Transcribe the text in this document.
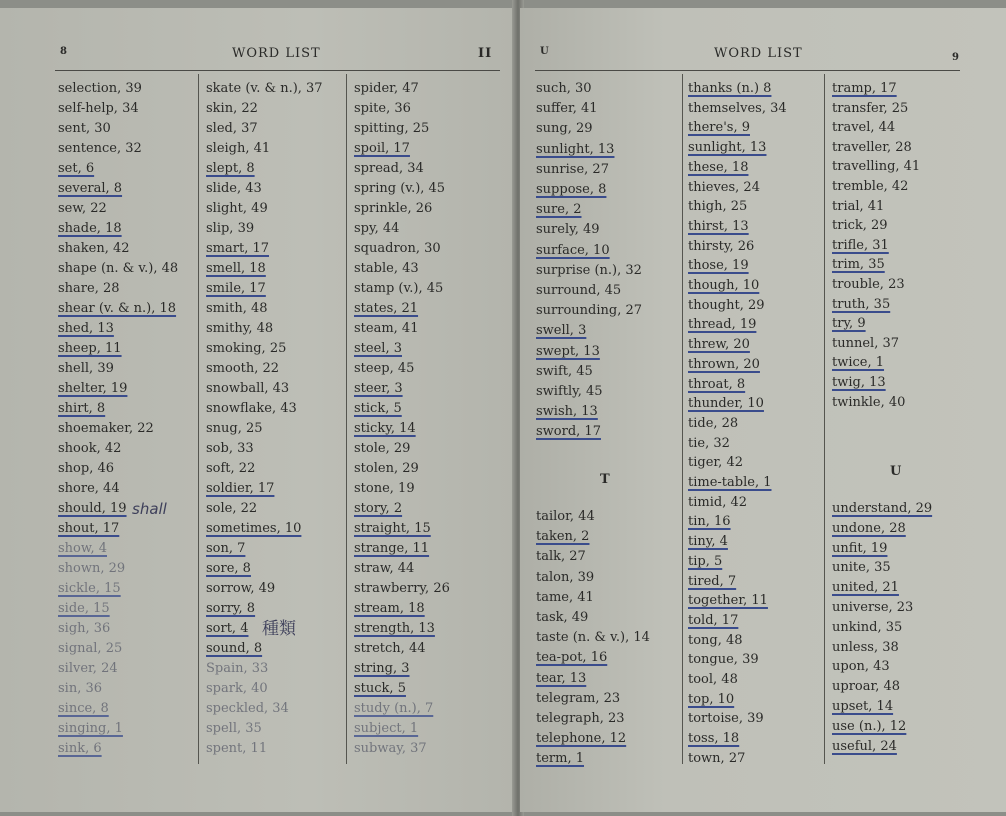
8	WORD LIST	II
selection, 39
self-help, 34
sent, 30
sentence, 32
set, 6
several, 8
sew, 22
shade, 18
shaken, 42
shape (n. & v.), 48
share, 28
shear (v. & n.), 18
shed, 13
sheep, 11
shell, 39
shelter, 19
shirt, 8
shoemaker, 22
shook, 42
shop, 46
shore, 44
should, 19
shout, 17
show, 4
shown, 29
sickle, 15
side, 15
sigh, 36
signal, 25
silver, 24
sin, 36
since, 8
singing, 1
sink, 6
skate (v. & n.), 37
skin, 22
sled, 37
sleigh, 41
slept, 8
slide, 43
slight, 49
slip, 39
smart, 17
smell, 18
smile, 17
smith, 48
smithy, 48
smoking, 25
smooth, 22
snowball, 43
snowflake, 43
snug, 25
sob, 33
soft, 22
soldier, 17
sole, 22
sometimes, 10
son, 7
sore, 8
sorrow, 49
sorry, 8
sort, 4
sound, 8
Spain, 33
spark, 40
speckled, 34
spell, 35
spent, 11
spider, 47
spite, 36
spitting, 25
spoil, 17
spread, 34
spring (v.), 45
sprinkle, 26
spy, 44
squadron, 30
stable, 43
stamp (v.), 45
states, 21
steam, 41
steel, 3
steep, 45
steer, 3
stick, 5
sticky, 14
stole, 29
stolen, 29
stone, 19
story, 2
straight, 15
strange, 11
straw, 44
strawberry, 26
stream, 18
strength, 13
stretch, 44
string, 3
stuck, 5
study (n.), 7
subject, 1
subway, 37
shall
種類
U	WORD LIST	9
such, 30
suffer, 41
sung, 29
sunlight, 13
sunrise, 27
suppose, 8
sure, 2
surely, 49
surface, 10
surprise (n.), 32
surround, 45
surrounding, 27
swell, 3
swept, 13
swift, 45
swiftly, 45
swish, 13
sword, 17
tailor, 44
taken, 2
talk, 27
talon, 39
tame, 41
task, 49
taste (n. & v.), 14
tea-pot, 16
tear, 13
telegram, 23
telegraph, 23
telephone, 12
term, 1
thanks (n.) 8
themselves, 34
there's, 9
sunlight, 13
these, 18
thieves, 24
thigh, 25
thirst, 13
thirsty, 26
those, 19
though, 10
thought, 29
thread, 19
threw, 20
thrown, 20
throat, 8
thunder, 10
tide, 28
tie, 32
tiger, 42
time-table, 1
timid, 42
tin, 16
tiny, 4
tip, 5
tired, 7
together, 11
told, 17
tong, 48
tongue, 39
tool, 48
top, 10
tortoise, 39
toss, 18
town, 27
tramp, 17
transfer, 25
travel, 44
traveller, 28
travelling, 41
tremble, 42
trial, 41
trick, 29
trifle, 31
trim, 35
trouble, 23
truth, 35
try, 9
tunnel, 37
twice, 1
twig, 13
twinkle, 40
understand, 29
undone, 28
unfit, 19
unite, 35
united, 21
universe, 23
unkind, 35
unless, 38
upon, 43
uproar, 48
upset, 14
use (n.), 12
useful, 24
T
U
